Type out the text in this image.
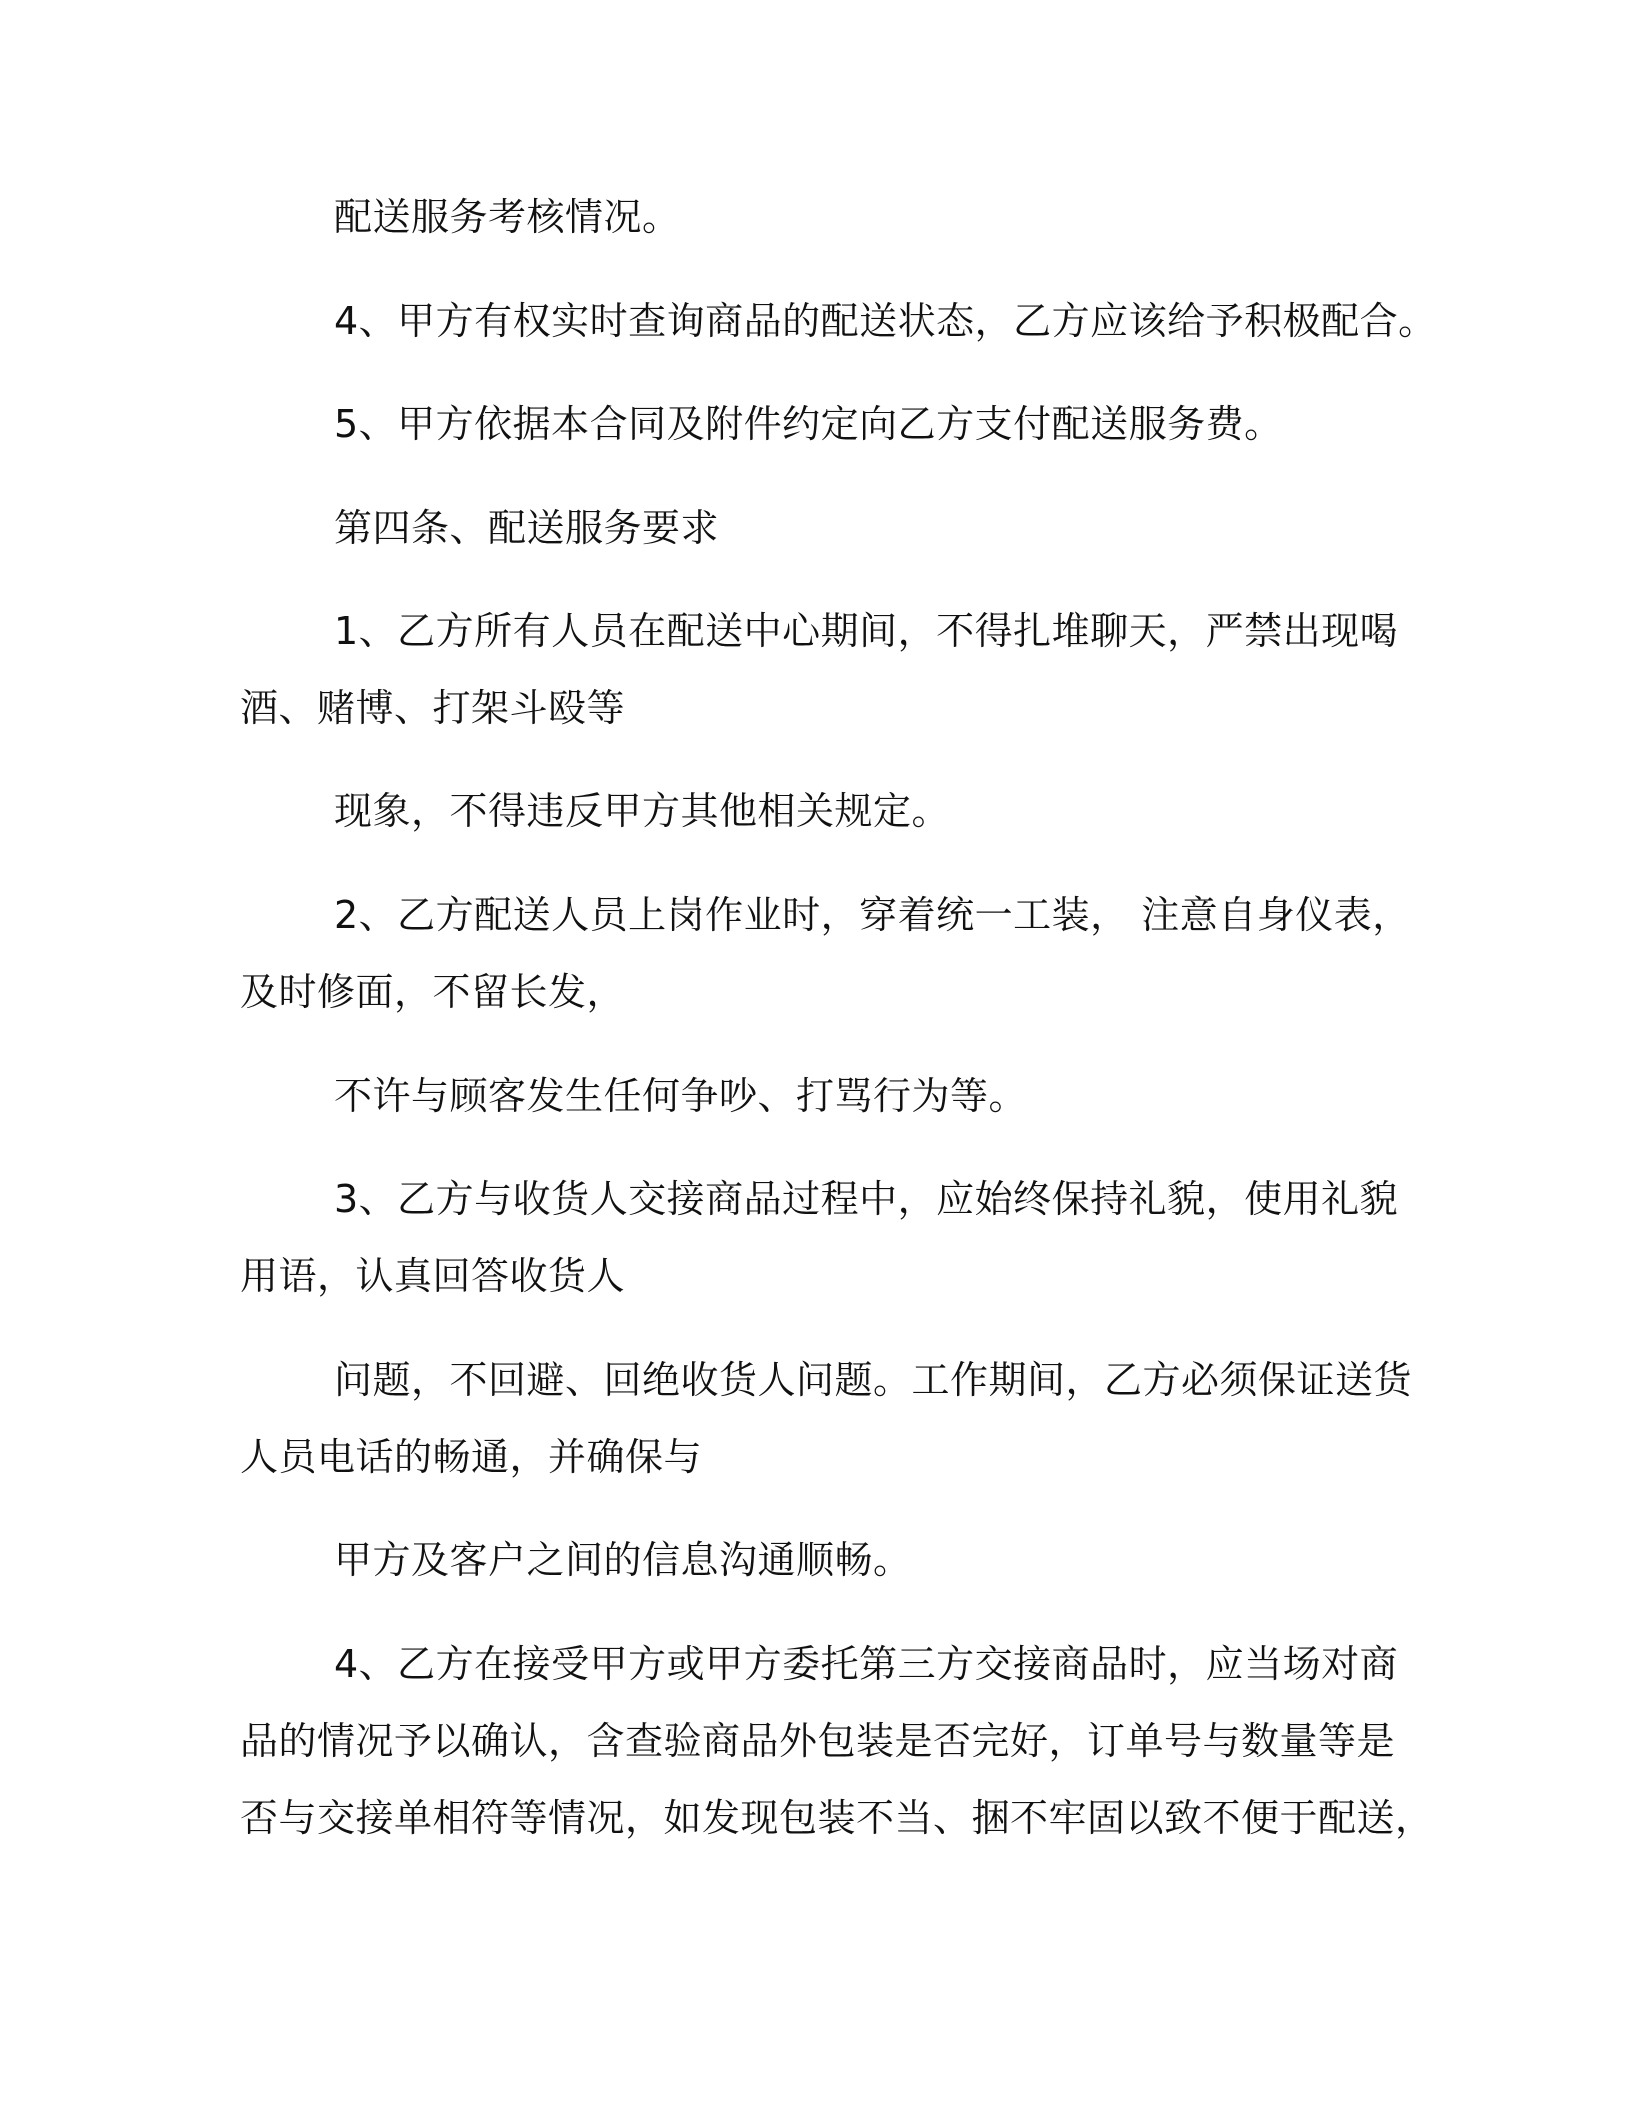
配送服务考核情况。
4、甲方有权实时查询商品的配送状态，乙方应该给予积极配合。
5、甲方依据本合同及附件约定向乙方支付配送服务费。
第四条、配送服务要求
1、乙方所有人员在配送中心期间，不得扎堆聊天，严禁出现喝
酒、赌博、打架斗殴等
现象，不得违反甲方其他相关规定。
2、乙方配送人员上岗作业时，穿着统一工装， 注意自身仪表，
及时修面，不留长发，
不许与顾客发生任何争吵、打骂行为等。
3、乙方与收货人交接商品过程中，应始终保持礼貌，使用礼貌
用语，认真回答收货人
问题，不回避、回绝收货人问题。工作期间，乙方必须保证送货
人员电话的畅通，并确保与
甲方及客户之间的信息沟通顺畅。
4、乙方在接受甲方或甲方委托第三方交接商品时，应当场对商
品的情况予以确认，含查验商品外包装是否完好，订单号与数量等是
否与交接单相符等情况，如发现包装不当、捆不牢固以致不便于配送，
